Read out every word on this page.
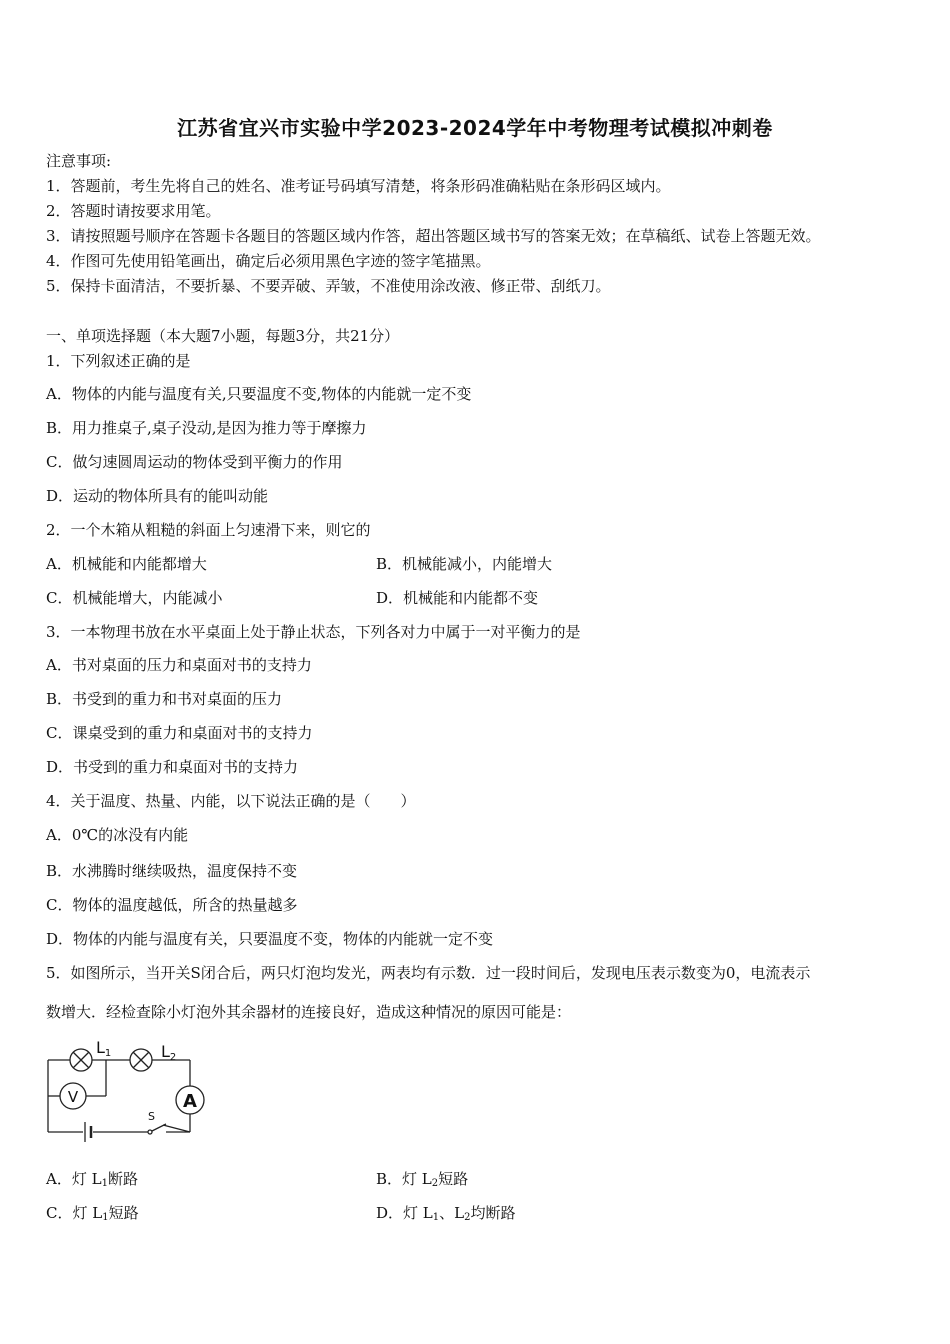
江苏省宜兴市实验中学2023-2024学年中考物理考试模拟冲刺卷
注意事项:
1．答题前，考生先将自己的姓名、准考证号码填写清楚，将条形码准确粘贴在条形码区域内。
2．答题时请按要求用笔。
3．请按照题号顺序在答题卡各题目的答题区域内作答，超出答题区域书写的答案无效；在草稿纸、试卷上答题无效。
4．作图可先使用铅笔画出，确定后必须用黑色字迹的签字笔描黑。
5．保持卡面清洁，不要折暴、不要弄破、弄皱，不准使用涂改液、修正带、刮纸刀。
一、单项选择题（本大题7小题，每题3分，共21分）
1．下列叙述正确的是
A．物体的内能与温度有关,只要温度不变,物体的内能就一定不变
B．用力推桌子,桌子没动,是因为推力等于摩擦力
C．做匀速圆周运动的物体受到平衡力的作用
D．运动的物体所具有的能叫动能
2．一个木箱从粗糙的斜面上匀速滑下来，则它的
A．机械能和内能都增大	B．机械能减小，内能增大
C．机械能增大，内能减小	D．机械能和内能都不变
3．一本物理书放在水平桌面上处于静止状态，下列各对力中属于一对平衡力的是
A．书对桌面的压力和桌面对书的支持力
B．书受到的重力和书对桌面的压力
C．课桌受到的重力和桌面对书的支持力
D．书受到的重力和桌面对书的支持力
4．关于温度、热量、内能，以下说法正确的是（　　）
A．0℃的冰没有内能
B．水沸腾时继续吸热，温度保持不变
C．物体的温度越低，所含的热量越多
D．物体的内能与温度有关，只要温度不变，物体的内能就一定不变
5．如图所示，当开关S闭合后，两只灯泡均发光，两表均有示数．过一段时间后，发现电压表示数变为0，电流表示
数增大．经检查除小灯泡外其余器材的连接良好，造成这种情况的原因可能是：
V	A
S
L1	L2
A．灯 $L_1$断路	B．灯 $L_2$短路
C．灯 $L_1$短路	D．灯 $L_1$、$L_2$均断路
